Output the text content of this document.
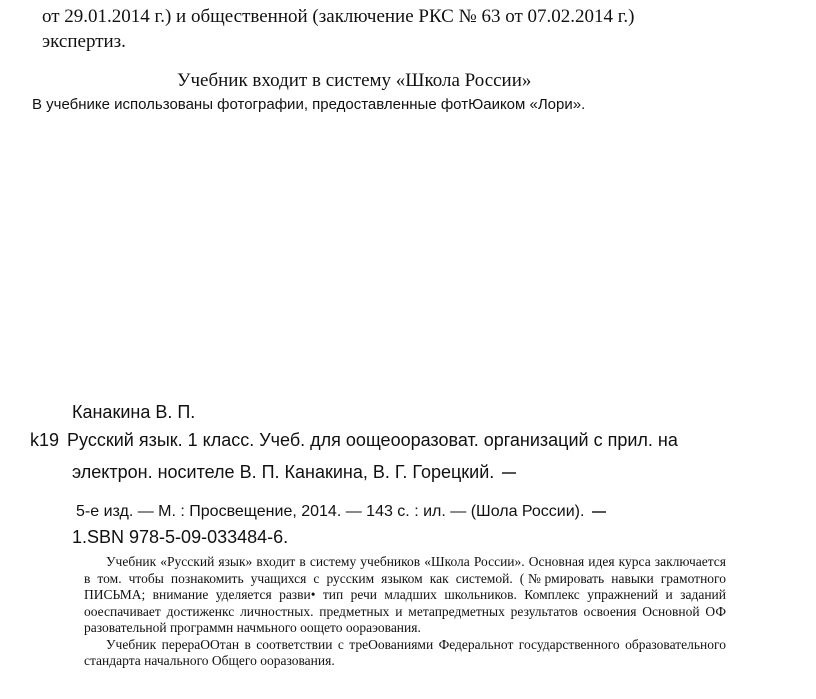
от 29.01.2014 г.) и общественной (заключение РКС № 63 от 07.02.2014 г.)
экспертиз.
Учебник входит в систему «Школа России»
В учебнике использованы фотографии, предоставленные фотЮаиком «Лори».
Канакина В. П.
k19 Русский язык. 1 класс. Учеб. для оощеооразоват. организаций с прил. на
электрон. носителе В. П. Канакина, В. Г. Горецкий.
5-е изд. — М. : Просвещение, 2014. — 143 с. : ил. — (Шола России).
1.SBN 978-5-09-033484-6.

Учебник «Русский язык» входит в систему учебников «Школа России». Основная идея курса заключается в том. чтобы познакомить учащихся с русским языком как системой. (№рмировать навыки грамотного ПИСЬМА; внимание уделяется разви• тип речи младших школьников. Комплекс упражнений и заданий ооеспачивает достиженкс личностных. предметных и метапредметных результатов освоения Основной ОФ разовательной программн начмьного оощето оораэования.

Учебник перераООтан в соответствии с треОованиями Федеральнот государственного образовательного стандарта начального Общего ооразования.
